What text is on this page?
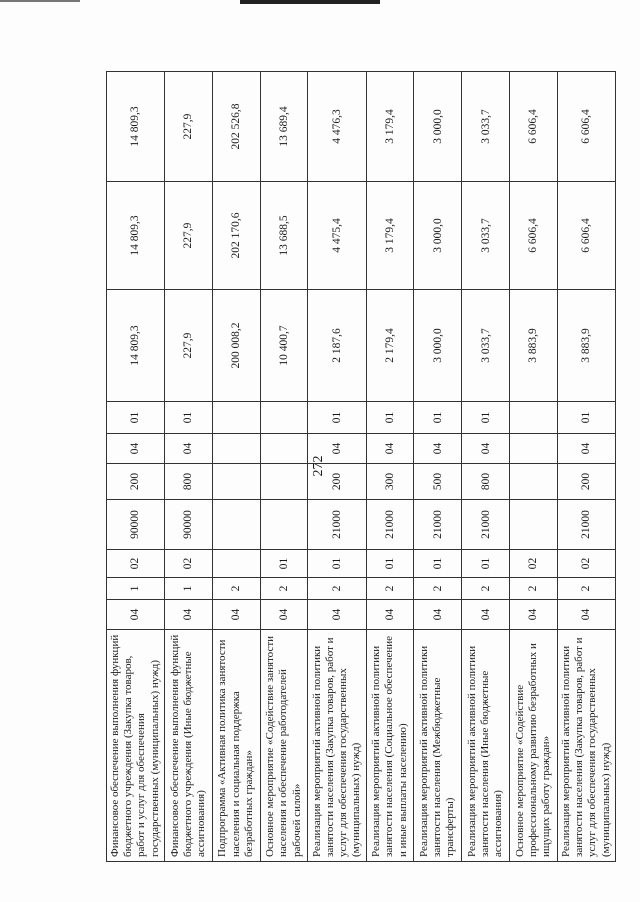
272
Финансовое обеспечение выполнения функций бюджетного учреждения (Закупка товаров, работ и услуг для обеспечения государственных (муниципальных) нужд)	04	1	02	90000	200	04	01	14 809,3	14 809,3	14 809,3
Финансовое обеспечение выполнения функций бюджетного учреждения (Иные бюджетные ассигнования)	04	1	02	90000	800	04	01	227,9	227,9	227,9
Подпрограмма «Активная политика занятости населения и социальная поддержка безработных граждан»	04	2						200 008,2	202 170,6	202 526,8
Основное мероприятие «Содействие занятости населения и обеспечение работодателей рабочей силой»	04	2	01					10 400,7	13 688,5	13 689,4
Реализация мероприятий активной политики занятости населения (Закупка товаров, работ и услуг для обеспечения государственных (муниципальных) нужд)	04	2	01	21000	200	04	01	2 187,6	4 475,4	4 476,3
Реализация мероприятий активной политики занятости населения (Социальное обеспечение и иные выплаты населению)	04	2	01	21000	300	04	01	2 179,4	3 179,4	3 179,4
Реализация мероприятий активной политики занятости населения (Межбюджетные трансферты)	04	2	01	21000	500	04	01	3 000,0	3 000,0	3 000,0
Реализация мероприятий активной политики занятости населения (Иные бюджетные ассигнования)	04	2	01	21000	800	04	01	3 033,7	3 033,7	3 033,7
Основное мероприятие «Содействие профессиональному развитию безработных и ищущих работу граждан»	04	2	02					3 883,9	6 606,4	6 606,4
Реализация мероприятий активной политики занятости населения (Закупка товаров, работ и услуг для обеспечения государственных (муниципальных) нужд)	04	2	02	21000	200	04	01	3 883,9	6 606,4	6 606,4
